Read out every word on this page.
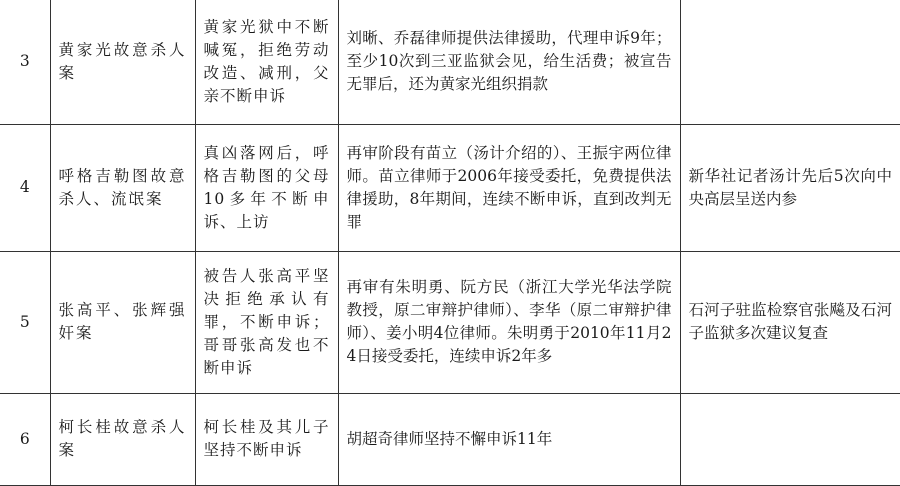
3	黄家光故意杀人案	黄家光狱中不断喊冤，拒绝劳动改造、减刑，父亲不断申诉	刘晰、乔磊律师提供法律援助，代理申诉9年；至少10次到三亚监狱会见，给生活费；被宣告无罪后，还为黄家光组织捐款	

4	呼格吉勒图故意杀人、流氓案	真凶落网后，呼格吉勒图的父母10多年不断申诉、上访	再审阶段有苗立（汤计介绍的）、王振宇两位律师。苗立律师于2006年接受委托，免费提供法律援助，8年期间，连续不断申诉，直到改判无罪	新华社记者汤计先后5次向中央高层呈送内参

5	张高平、张辉强奸案	被告人张高平坚决拒绝承认有罪，不断申诉；哥哥张高发也不断申诉	再审有朱明勇、阮方民（浙江大学光华法学院教授，原二审辩护律师）、李华（原二审辩护律师）、姜小明4位律师。朱明勇于2010年11月24日接受委托，连续申诉2年多	石河子驻监检察官张飚及石河子监狱多次建议复查

6	柯长桂故意杀人案	柯长桂及其儿子坚持不断申诉	胡超奇律师坚持不懈申诉11年	
